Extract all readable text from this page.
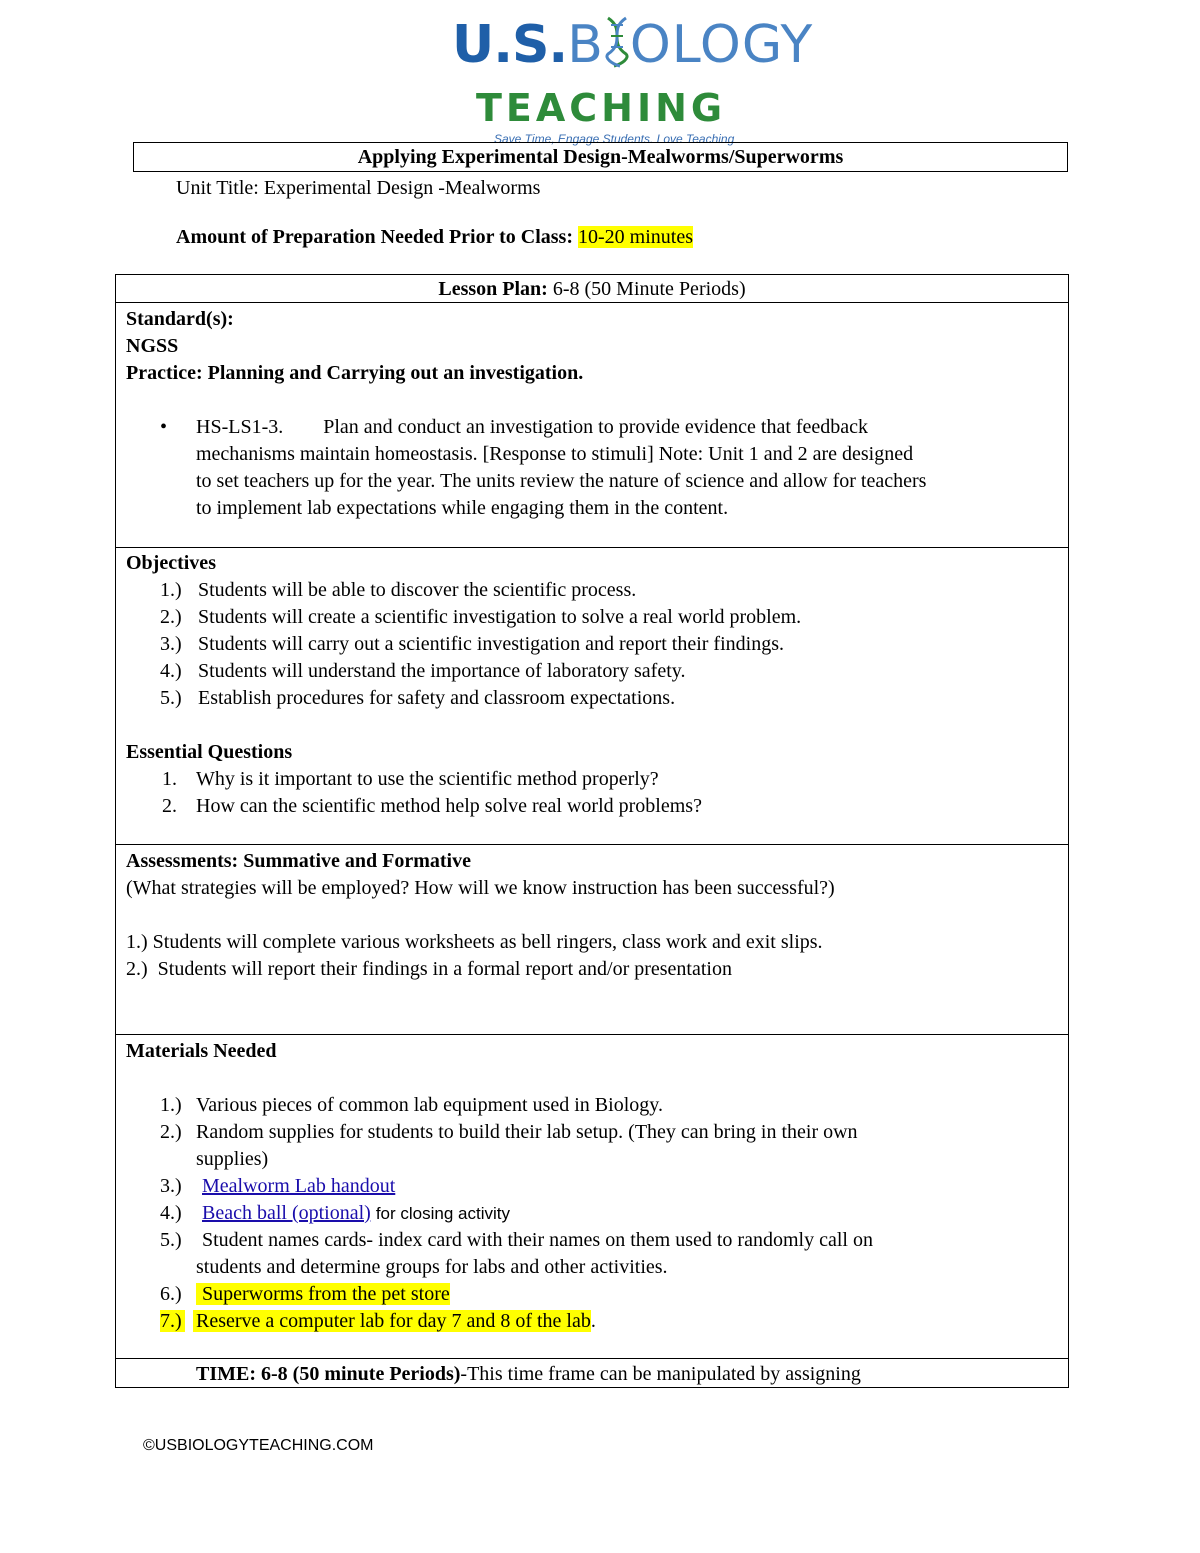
U.S.B OLOGY
TEACHING
Save Time, Engage Students. Love Teaching
Applying Experimental Design-Mealworms/Superworms
Unit Title: Experimental Design -Mealworms
Amount of Preparation Needed Prior to Class: 10-20 minutes
Lesson Plan: 6-8 (50 Minute Periods)
Standard(s):
NGSS
Practice: Planning and Carrying out an investigation.
• HS-LS1-3.        Plan and conduct an investigation to provide evidence that feedback
mechanisms maintain homeostasis. [Response to stimuli] Note: Unit 1 and 2 are designed
to set teachers up for the year. The units review the nature of science and allow for teachers
to implement lab expectations while engaging them in the content.
Objectives
1.) Students will be able to discover the scientific process.
2.) Students will create a scientific investigation to solve a real world problem.
3.) Students will carry out a scientific investigation and report their findings.
4.) Students will understand the importance of laboratory safety.
5.) Establish procedures for safety and classroom expectations.
Essential Questions
1. Why is it important to use the scientific method properly?
2. How can the scientific method help solve real world problems?
Assessments: Summative and Formative
(What strategies will be employed? How will we know instruction has been successful?)
1.) Students will complete various worksheets as bell ringers, class work and exit slips.
2.)  Students will report their findings in a formal report and/or presentation
Materials Needed
1.) Various pieces of common lab equipment used in Biology.
2.) Random supplies for students to build their lab setup. (They can bring in their own
supplies)
3.) Mealworm Lab handout
4.) Beach ball (optional) for closing activity
5.) Student names cards- index card with their names on them used to randomly call on
students and determine groups for labs and other activities.
6.)	Superworms from the pet store
7.) Reserve a computer lab for day 7 and 8 of the lab.
TIME: 6-8 (50 minute Periods)-This time frame can be manipulated by assigning
©USBIOLOGYTEACHING.COM
